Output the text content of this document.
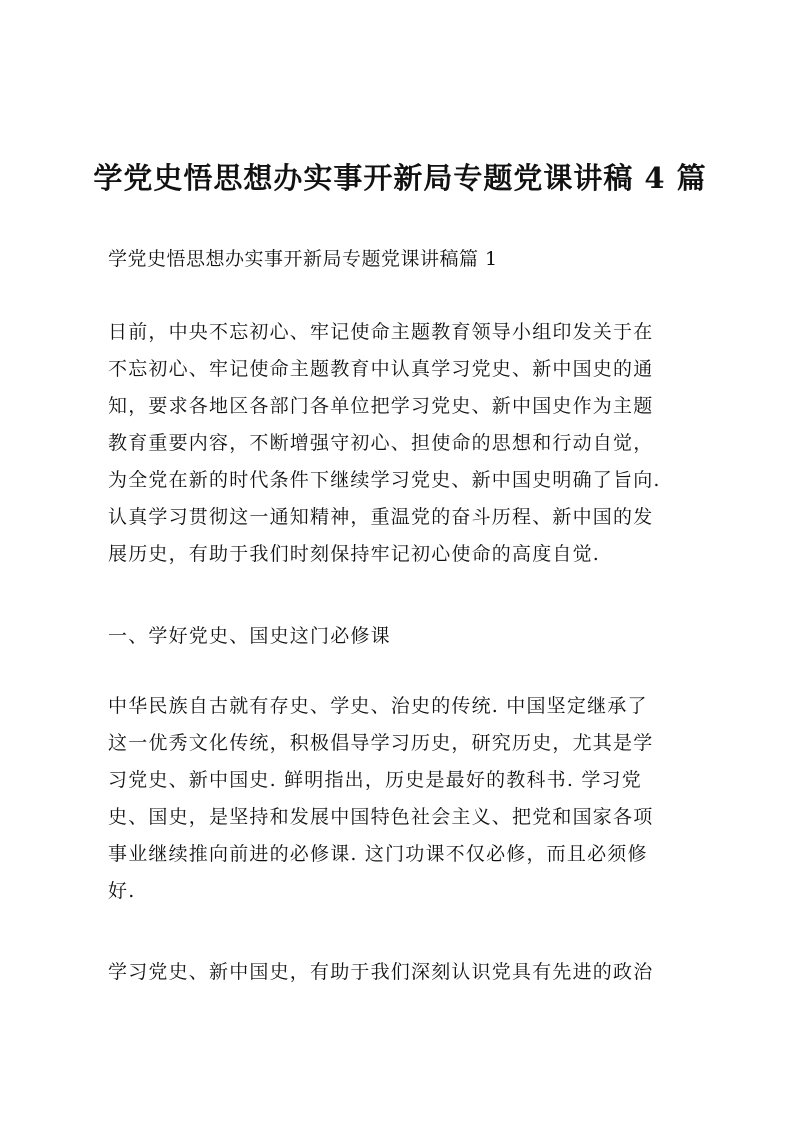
学党史悟思想办实事开新局专题党课讲稿 4 篇

学党史悟思想办实事开新局专题党课讲稿篇 1

日前，中央不忘初心、牢记使命主题教育领导小组印发关于在
不忘初心、牢记使命主题教育中认真学习党史、新中国史的通
知，要求各地区各部门各单位把学习党史、新中国史作为主题
教育重要内容，不断增强守初心、担使命的思想和行动自觉，
为全党在新的时代条件下继续学习党史、新中国史明确了旨向.
认真学习贯彻这一通知精神，重温党的奋斗历程、新中国的发
展历史，有助于我们时刻保持牢记初心使命的高度自觉.

一、学好党史、国史这门必修课

中华民族自古就有存史、学史、治史的传统. 中国坚定继承了
这一优秀文化传统，积极倡导学习历史，研究历史，尤其是学
习党史、新中国史. 鲜明指出，历史是最好的教科书. 学习党
史、国史，是坚持和发展中国特色社会主义、把党和国家各项
事业继续推向前进的必修课. 这门功课不仅必修，而且必须修
好.

学习党史、新中国史，有助于我们深刻认识党具有先进的政治
